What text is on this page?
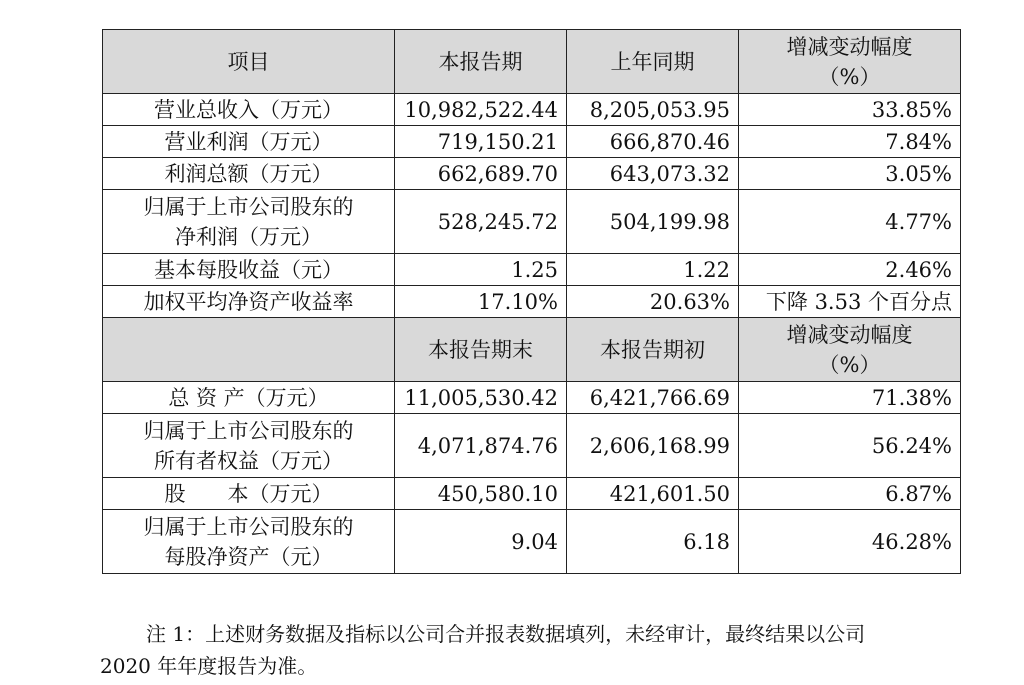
项目	本报告期	上年同期	增减变动幅度
（%）

营业总收入（万元）	10,982,522.44	8,205,053.95	33.85%
营业利润（万元）	719,150.21	666,870.46	7.84%
利润总额（万元）	662,689.70	643,073.32	3.05%

归属于上市公司股东的
净利润（万元）	528,245.72	504,199.98	4.77%
基本每股收益（元）	1.25	1.22	2.46%
加权平均净资产收益率	17.10%	20.63%	下降 3.53 个百分点
	本报告期末	本报告期初	增减变动幅度
（%）

总 资 产（万元）	11,005,530.42	6,421,766.69	71.38%

归属于上市公司股东的
所有者权益（万元）	4,071,874.76	2,606,168.99	56.24%
股　　本（万元）	450,580.10	421,601.50	6.87%

归属于上市公司股东的
每股净资产（元）	9.04	6.18	46.28%
注 1：上述财务数据及指标以公司合并报表数据填列，未经审计，最终结果以公司
2020 年年度报告为准。
